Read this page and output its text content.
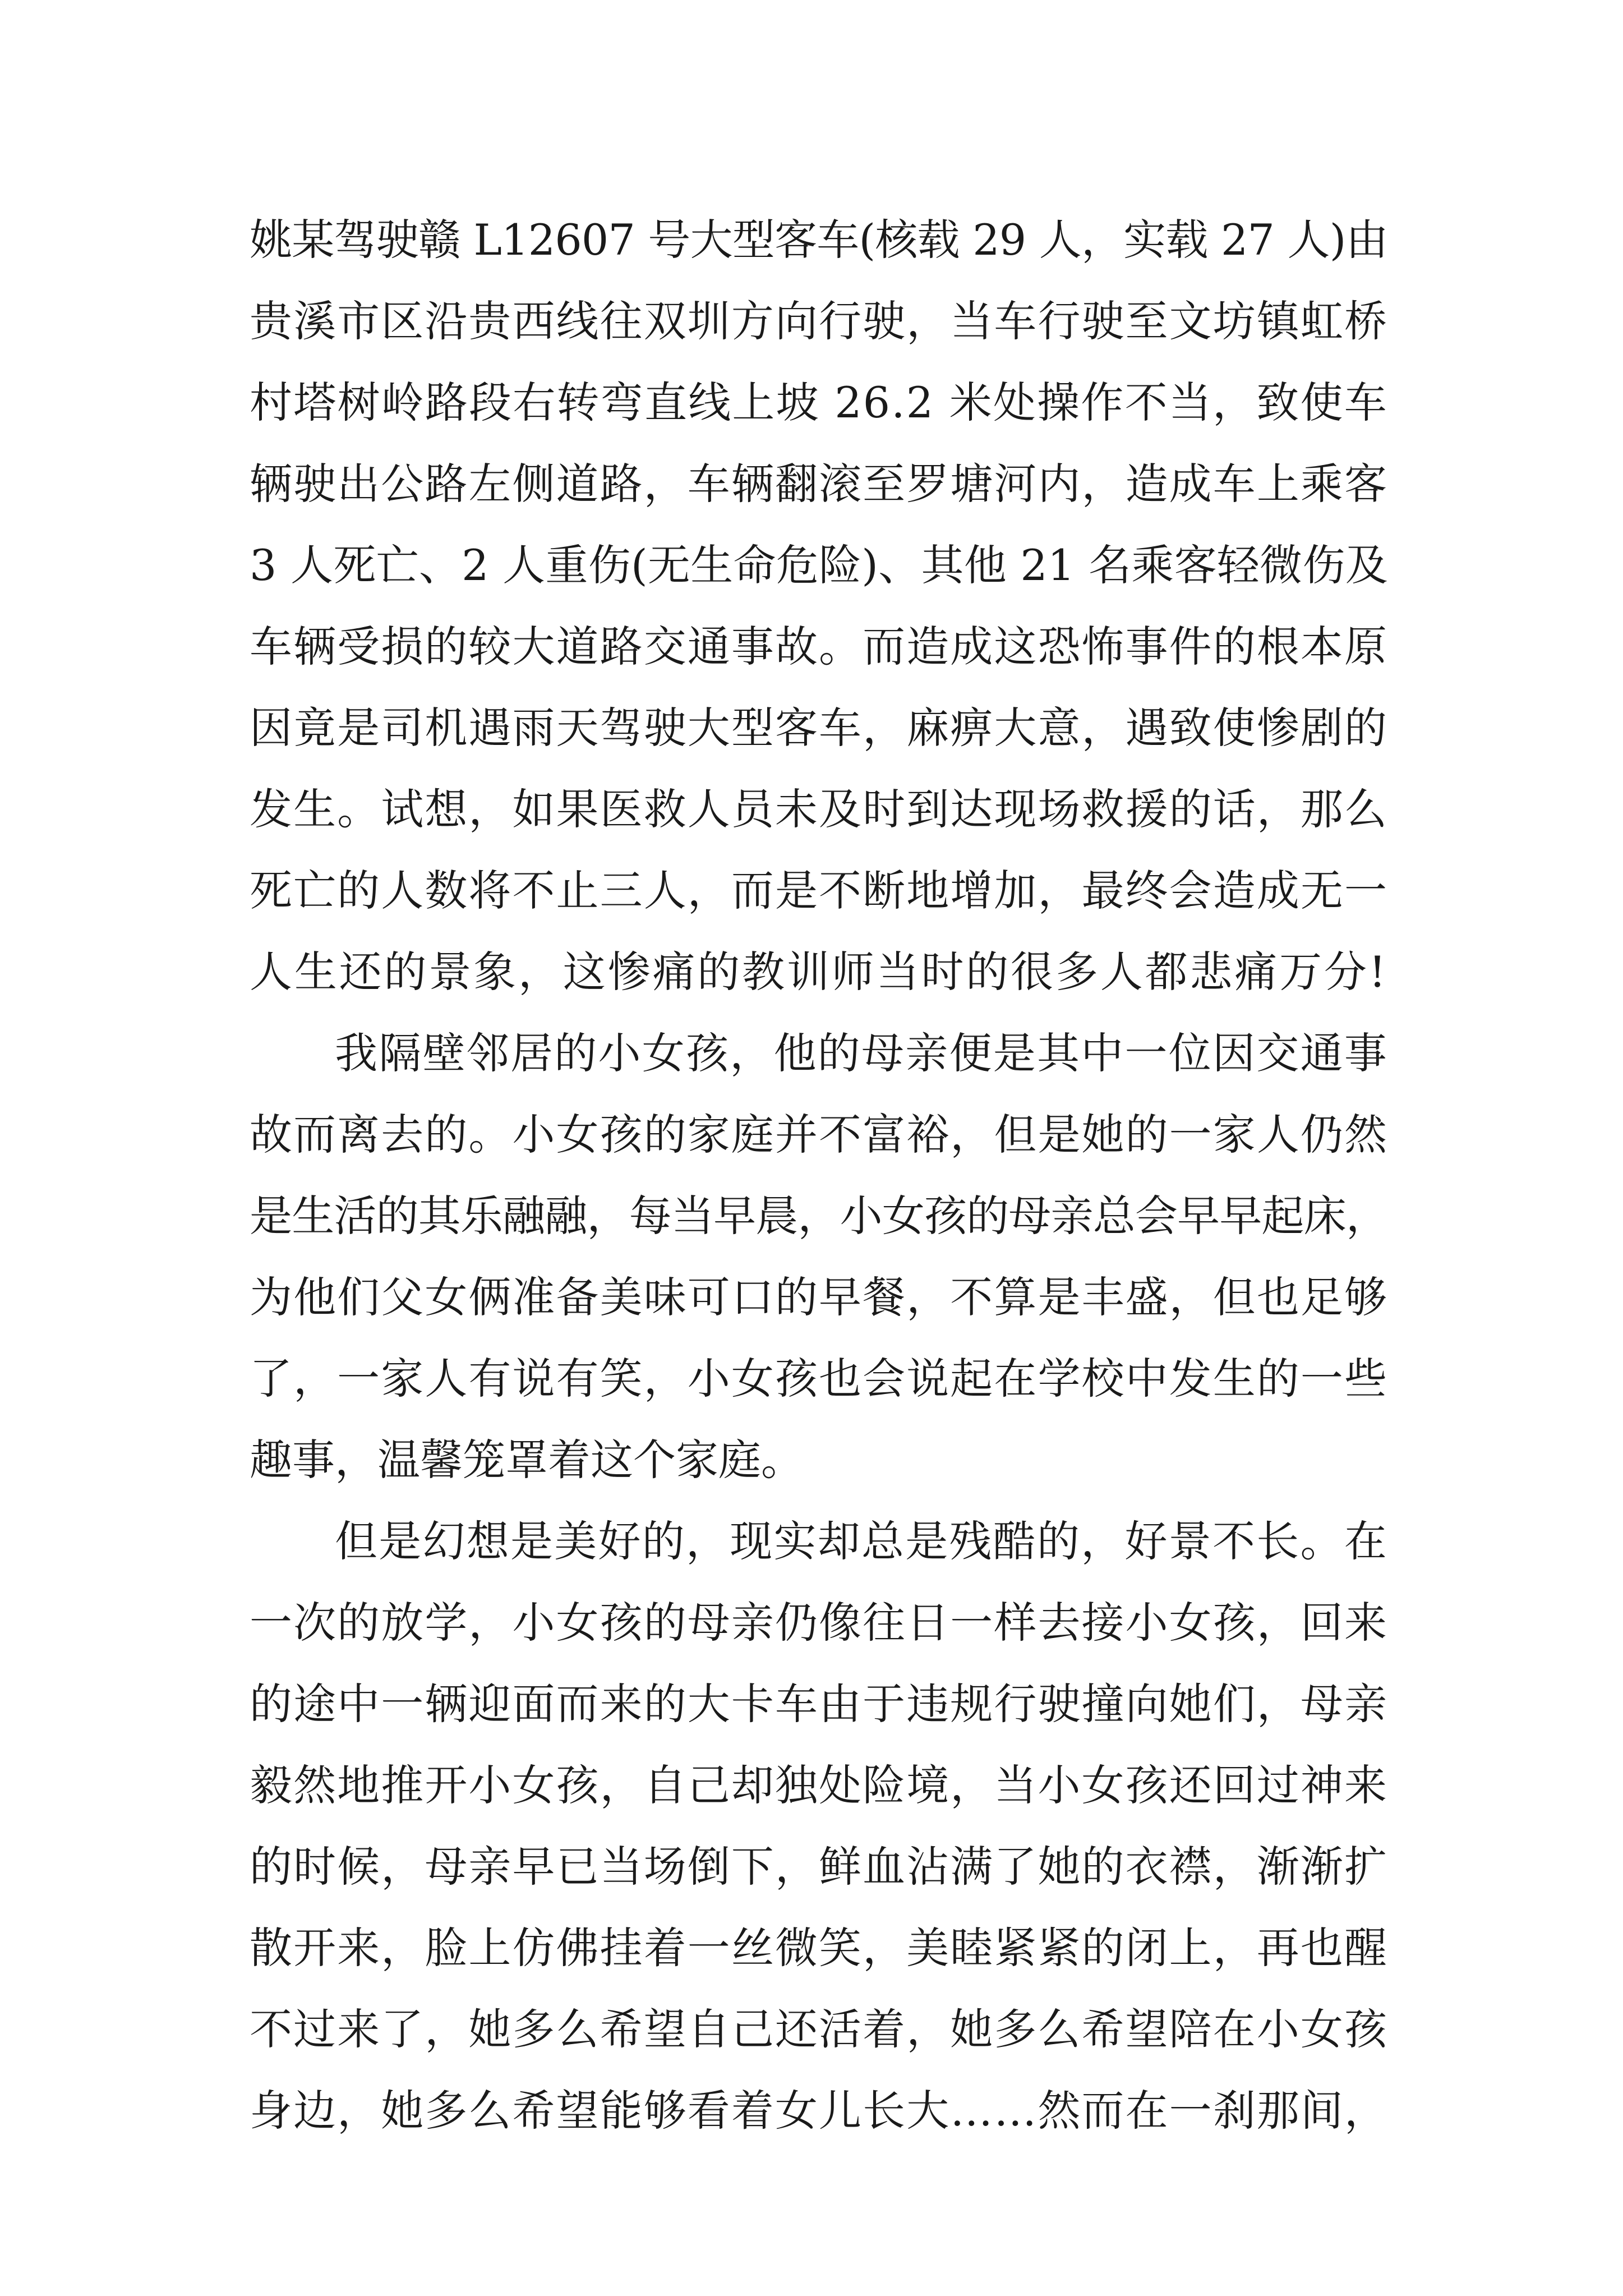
姚某驾驶赣 L12607 号大型客车(核载 29 人，实载 27 人)由
贵溪市区沿贵西线往双圳方向行驶，当车行驶至文坊镇虹桥
村塔树岭路段右转弯直线上坡 26.2 米处操作不当，致使车
辆驶出公路左侧道路，车辆翻滚至罗塘河内，造成车上乘客
3 人死亡、2 人重伤(无生命危险)、其他 21 名乘客轻微伤及
车辆受损的较大道路交通事故。而造成这恐怖事件的根本原
因竟是司机遇雨天驾驶大型客车，麻痹大意，遇致使惨剧的
发生。试想，如果医救人员未及时到达现场救援的话，那么
死亡的人数将不止三人，而是不断地增加，最终会造成无一
人生还的景象，这惨痛的教训师当时的很多人都悲痛万分!
我隔壁邻居的小女孩，他的母亲便是其中一位因交通事
故而离去的。小女孩的家庭并不富裕，但是她的一家人仍然
是生活的其乐融融，每当早晨，小女孩的母亲总会早早起床，
为他们父女俩准备美味可口的早餐，不算是丰盛，但也足够
了，一家人有说有笑，小女孩也会说起在学校中发生的一些
趣事，温馨笼罩着这个家庭。
但是幻想是美好的，现实却总是残酷的，好景不长。在
一次的放学，小女孩的母亲仍像往日一样去接小女孩，回来
的途中一辆迎面而来的大卡车由于违规行驶撞向她们，母亲
毅然地推开小女孩，自己却独处险境，当小女孩还回过神来
的时候，母亲早已当场倒下，鲜血沾满了她的衣襟，渐渐扩
散开来，脸上仿佛挂着一丝微笑，美睦紧紧的闭上，再也醒
不过来了，她多么希望自己还活着，她多么希望陪在小女孩
身边，她多么希望能够看着女儿长大……然而在一刹那间，
